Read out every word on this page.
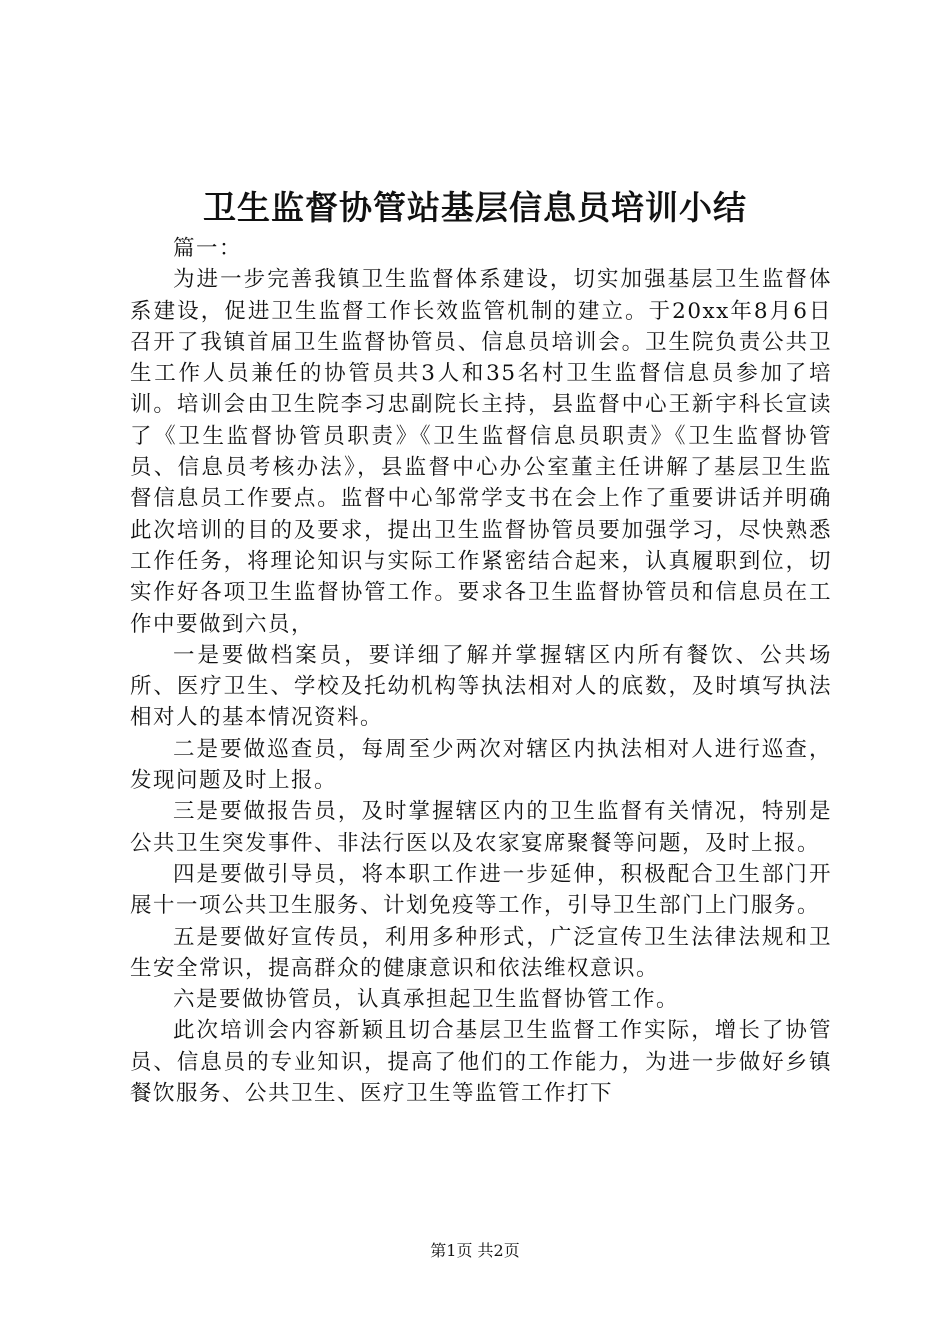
卫生监督协管站基层信息员培训小结

篇一：

为进一步完善我镇卫生监督体系建设，切实加强基层卫生监督体系建设，促进卫生监督工作长效监管机制的建立。于20xx年8月6日召开了我镇首届卫生监督协管员、信息员培训会。卫生院负责公共卫生工作人员兼任的协管员共3人和35名村卫生监督信息员参加了培训。培训会由卫生院李习忠副院长主持，县监督中心王新宇科长宣读了《卫生监督协管员职责》《卫生监督信息员职责》《卫生监督协管员、信息员考核办法》，县监督中心办公室董主任讲解了基层卫生监督信息员工作要点。监督中心邹常学支书在会上作了重要讲话并明确此次培训的目的及要求，提出卫生监督协管员要加强学习，尽快熟悉工作任务，将理论知识与实际工作紧密结合起来，认真履职到位，切实作好各项卫生监督协管工作。要求各卫生监督协管员和信息员在工作中要做到六员，

一是要做档案员，要详细了解并掌握辖区内所有餐饮、公共场所、医疗卫生、学校及托幼机构等执法相对人的底数，及时填写执法相对人的基本情况资料。

二是要做巡查员，每周至少两次对辖区内执法相对人进行巡查，发现问题及时上报。

三是要做报告员，及时掌握辖区内的卫生监督有关情况，特别是公共卫生突发事件、非法行医以及农家宴席聚餐等问题，及时上报。

四是要做引导员，将本职工作进一步延伸，积极配合卫生部门开展十一项公共卫生服务、计划免疫等工作，引导卫生部门上门服务。

五是要做好宣传员，利用多种形式，广泛宣传卫生法律法规和卫生安全常识，提高群众的健康意识和依法维权意识。

六是要做协管员，认真承担起卫生监督协管工作。

此次培训会内容新颖且切合基层卫生监督工作实际，增长了协管员、信息员的专业知识，提高了他们的工作能力，为进一步做好乡镇餐饮服务、公共卫生、医疗卫生等监管工作打下

第1页 共2页
